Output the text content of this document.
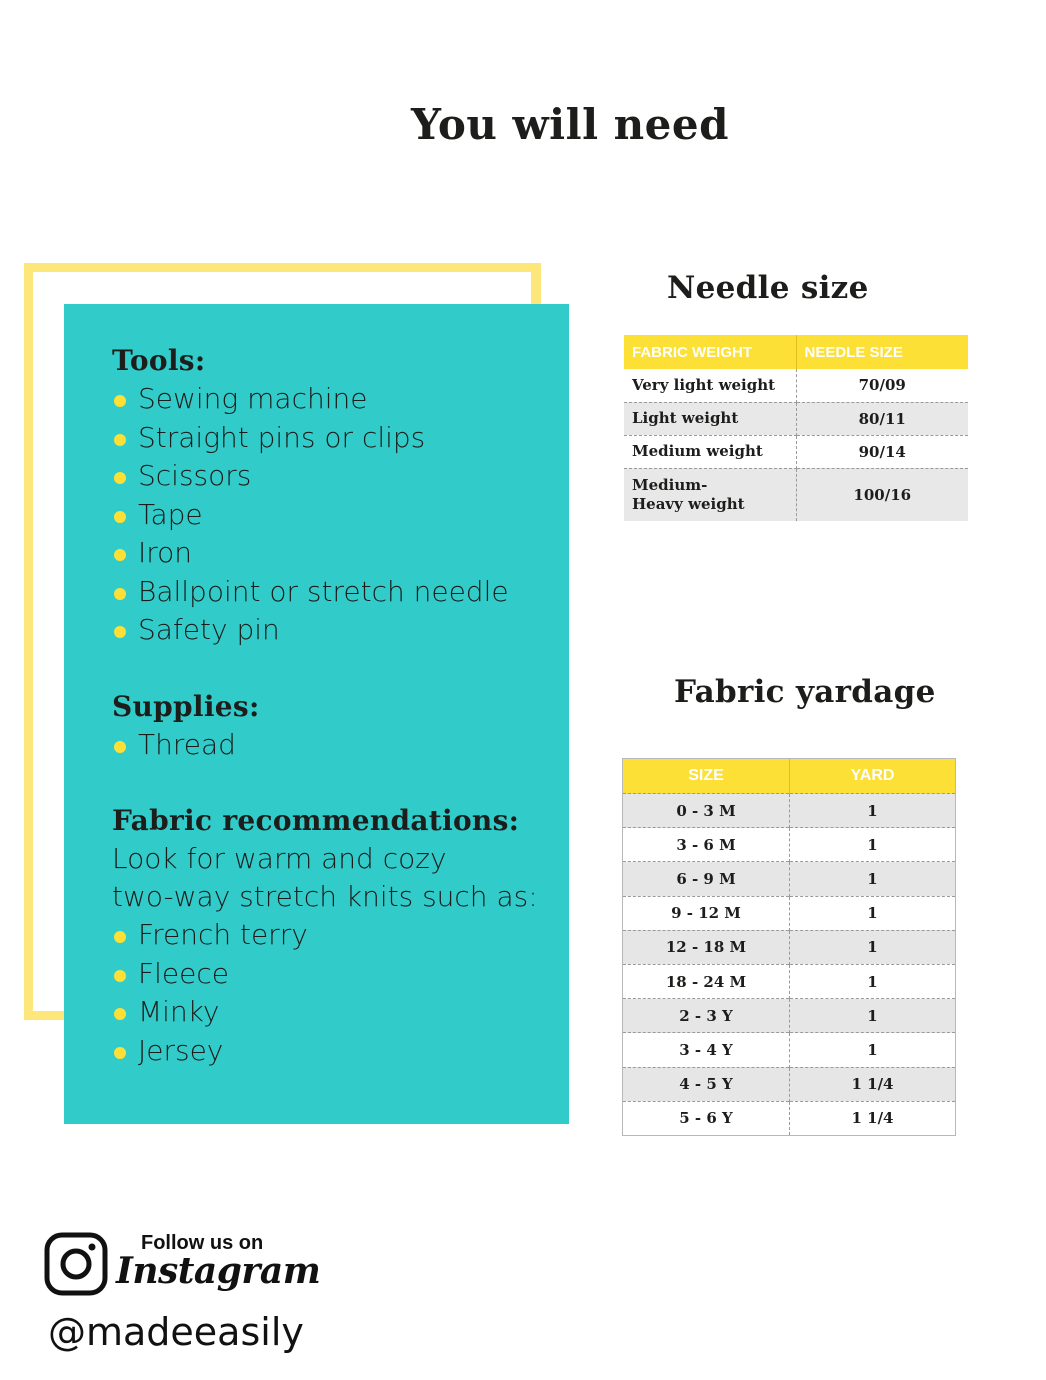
You will need
Tools:
Sewing machine
Straight pins or clips
Scissors
Tape
Iron
Ballpoint or stretch needle
Safety pin
Supplies:
Thread
Fabric recommendations:
Look for warm and cozy
two-way stretch knits such as:
French terry
Fleece
Minky
Jersey
Needle size
FABRIC WEIGHT	NEEDLE SIZE
Very light weight	70/09
Light weight	80/11
Medium weight	90/14

Medium-
Heavy weight	100/16
Fabric yardage
SIZE	YARD
0 - 3 M	1
3 - 6 M	1
6 - 9 M	1
9 - 12 M	1
12 - 18 M	1
18 - 24 M	1
2 - 3 Y	1
3 - 4 Y	1
4 - 5 Y	1 1/4
5 - 6 Y	1 1/4
Follow us on
Instagram
@madeeasily
